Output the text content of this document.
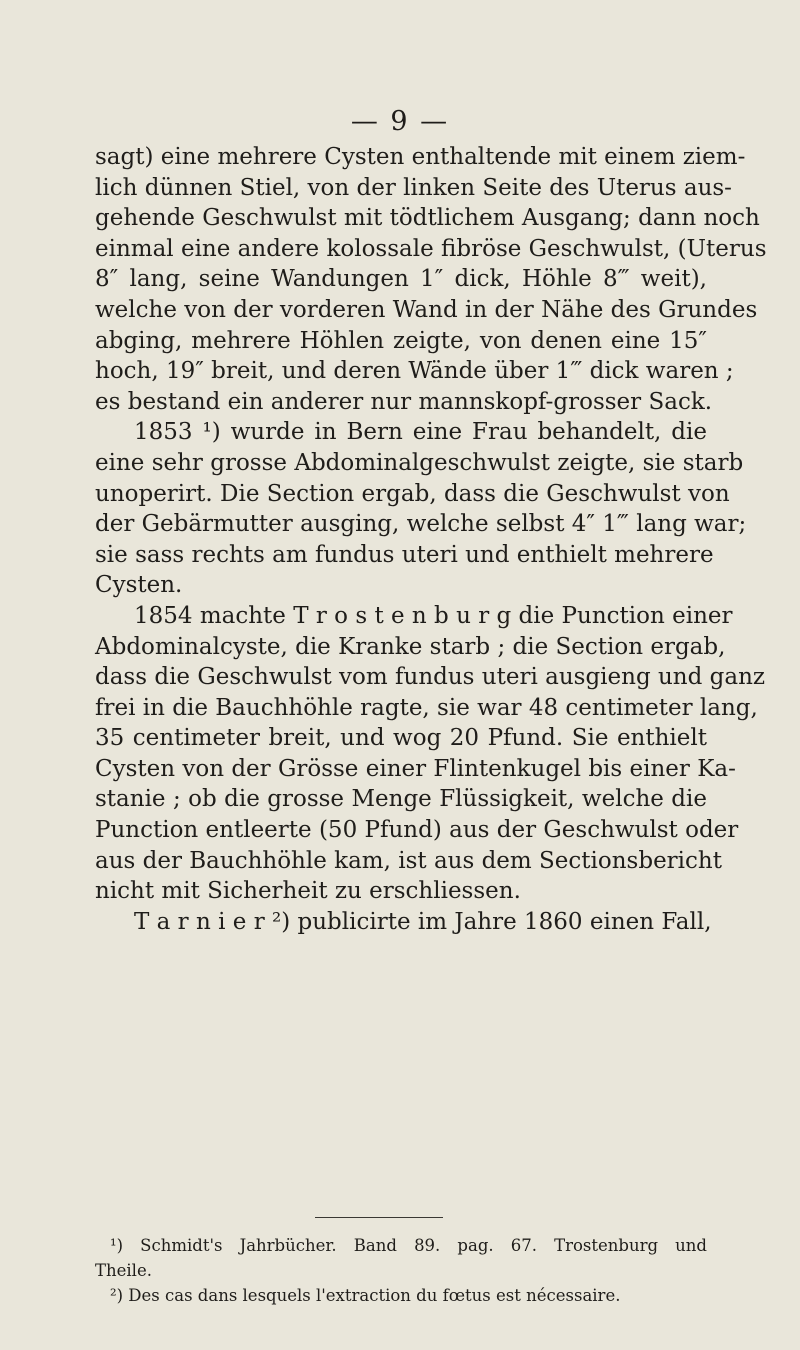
— 9 —
sagt) eine mehrere Cysten enthaltende mit einem ziem-
lich dünnen Stiel, von der linken Seite des Uterus aus-
gehende Geschwulst mit tödtlichem Ausgang; dann noch
einmal eine andere kolossale fibröse Geschwulst, (Uterus
8″ lang, seine Wandungen 1″ dick, Höhle 8‴ weit),
welche von der vorderen Wand in der Nähe des Grundes
abging, mehrere Höhlen zeigte, von denen eine 15″
hoch, 19″ breit, und deren Wände über 1‴ dick waren ;
es bestand ein anderer nur mannskopf-grosser Sack.
1853 ¹) wurde in Bern eine Frau behandelt, die
eine sehr grosse Abdominalgeschwulst zeigte, sie starb
unoperirt. Die Section ergab, dass die Geschwulst von
der Gebärmutter ausging, welche selbst 4″ 1‴ lang war;
sie sass rechts am fundus uteri und enthielt mehrere
Cysten.
1854 machte T r o s t e n b u r g die Punction einer
Abdominalcyste, die Kranke starb ; die Section ergab,
dass die Geschwulst vom fundus uteri ausgieng und ganz
frei in die Bauchhöhle ragte, sie war 48 centimeter lang,
35 centimeter breit, und wog 20 Pfund. Sie enthielt
Cysten von der Grösse einer Flintenkugel bis einer Ka-
stanie ; ob die grosse Menge Flüssigkeit, welche die
Punction entleerte (50 Pfund) aus der Geschwulst oder
aus der Bauchhöhle kam, ist aus dem Sectionsbericht
nicht mit Sicherheit zu erschliessen.
T a r n i e r ²) publicirte im Jahre 1860 einen Fall,
¹) Schmidt's Jahrbücher. Band 89. pag. 67. Trostenburg und
Theile.
²) Des cas dans lesquels l'extraction du fœtus est nécessaire.
